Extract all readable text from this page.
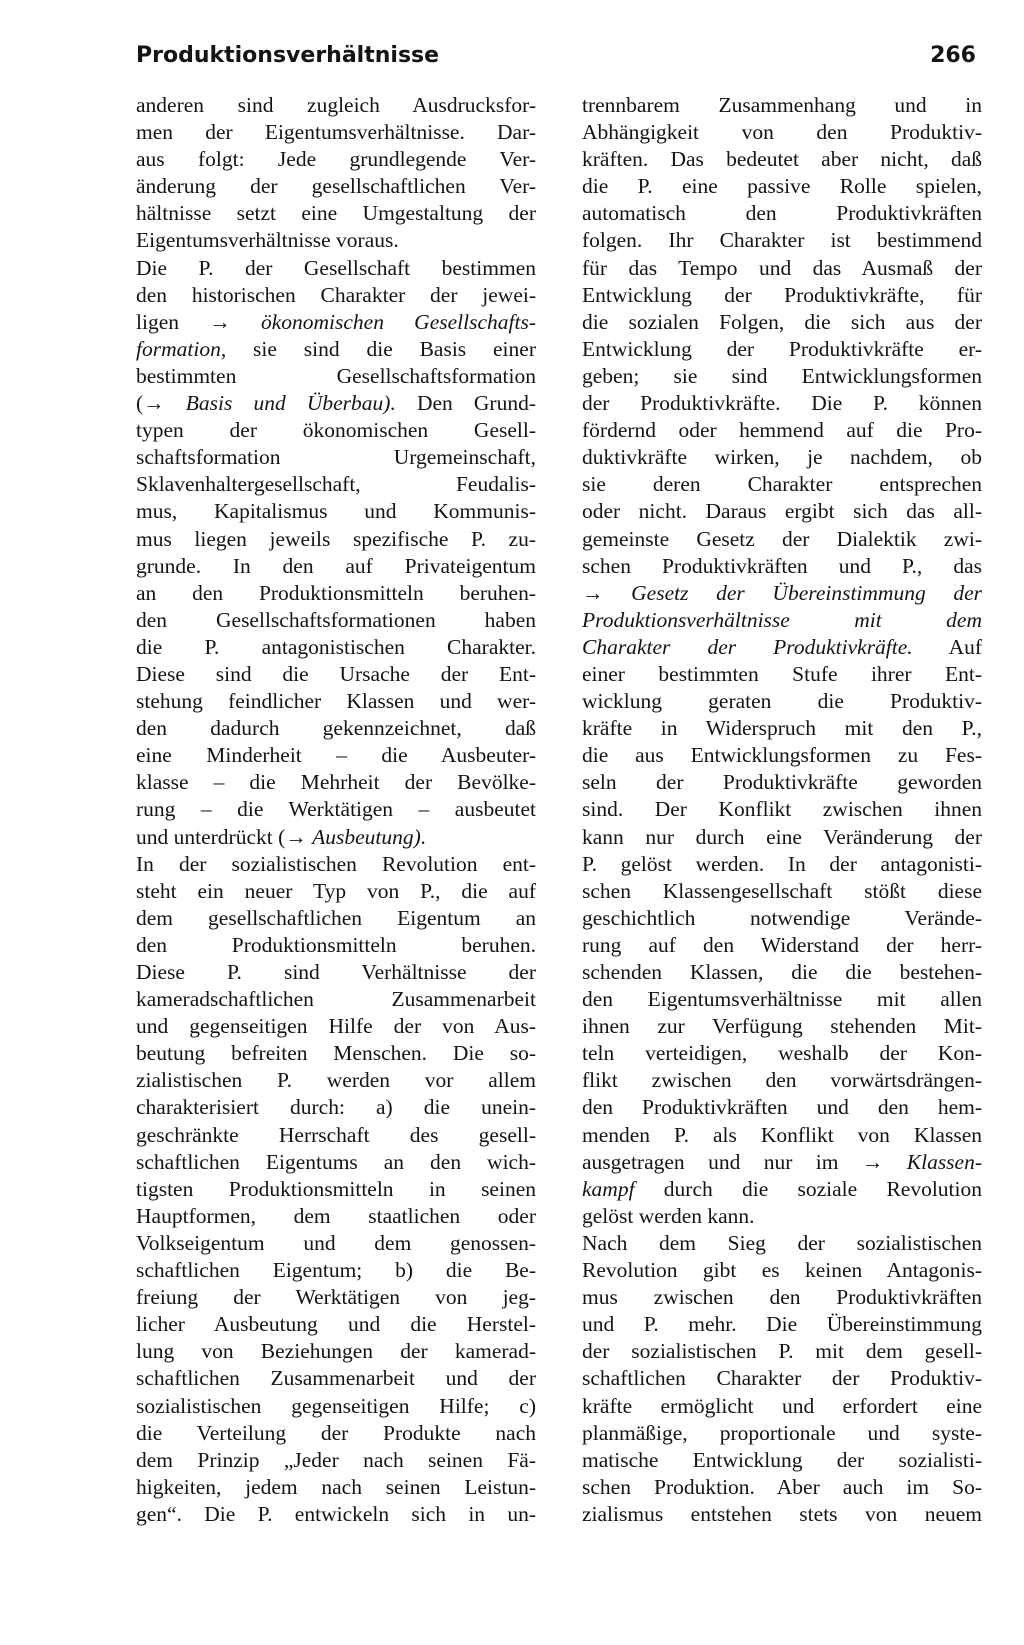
Produktionsverhältnisse	266
anderen sind zugleich Ausdrucksfor-
men der Eigentumsverhältnisse. Dar-
aus folgt: Jede grundlegende Ver-
änderung der gesellschaftlichen Ver-
hältnisse setzt eine Umgestaltung der
Eigentumsverhältnisse voraus.
Die P. der Gesellschaft bestimmen
den historischen Charakter der jewei-
ligen → ökonomischen Gesellschafts-
formation, sie sind die Basis einer
bestimmten Gesellschaftsformation
(→ Basis und Überbau). Den Grund-
typen der ökonomischen Gesell-
schaftsformation Urgemeinschaft,
Sklavenhaltergesellschaft, Feudalis-
mus, Kapitalismus und Kommunis-
mus liegen jeweils spezifische P. zu-
grunde. In den auf Privateigentum
an den Produktionsmitteln beruhen-
den Gesellschaftsformationen haben
die P. antagonistischen Charakter.
Diese sind die Ursache der Ent-
stehung feindlicher Klassen und wer-
den dadurch gekennzeichnet, daß
eine Minderheit – die Ausbeuter-
klasse – die Mehrheit der Bevölke-
rung – die Werktätigen – ausbeutet
und unterdrückt (→ Ausbeutung).
In der sozialistischen Revolution ent-
steht ein neuer Typ von P., die auf
dem gesellschaftlichen Eigentum an
den Produktionsmitteln beruhen.
Diese P. sind Verhältnisse der
kameradschaftlichen Zusammenarbeit
und gegenseitigen Hilfe der von Aus-
beutung befreiten Menschen. Die so-
zialistischen P. werden vor allem
charakterisiert durch: a) die unein-
geschränkte Herrschaft des gesell-
schaftlichen Eigentums an den wich-
tigsten Produktionsmitteln in seinen
Hauptformen, dem staatlichen oder
Volkseigentum und dem genossen-
schaftlichen Eigentum; b) die Be-
freiung der Werktätigen von jeg-
licher Ausbeutung und die Herstel-
lung von Beziehungen der kamerad-
schaftlichen Zusammenarbeit und der
sozialistischen gegenseitigen Hilfe; c)
die Verteilung der Produkte nach
dem Prinzip „Jeder nach seinen Fä-
higkeiten, jedem nach seinen Leistun-
gen“. Die P. entwickeln sich in un-
trennbarem Zusammenhang und in
Abhängigkeit von den Produktiv-
kräften. Das bedeutet aber nicht, daß
die P. eine passive Rolle spielen,
automatisch den Produktivkräften
folgen. Ihr Charakter ist bestimmend
für das Tempo und das Ausmaß der
Entwicklung der Produktivkräfte, für
die sozialen Folgen, die sich aus der
Entwicklung der Produktivkräfte er-
geben; sie sind Entwicklungsformen
der Produktivkräfte. Die P. können
fördernd oder hemmend auf die Pro-
duktivkräfte wirken, je nachdem, ob
sie deren Charakter entsprechen
oder nicht. Daraus ergibt sich das all-
gemeinste Gesetz der Dialektik zwi-
schen Produktivkräften und P., das
→ Gesetz der Übereinstimmung der
Produktionsverhältnisse mit dem
Charakter der Produktivkräfte. Auf
einer bestimmten Stufe ihrer Ent-
wicklung geraten die Produktiv-
kräfte in Widerspruch mit den P.,
die aus Entwicklungsformen zu Fes-
seln der Produktivkräfte geworden
sind. Der Konflikt zwischen ihnen
kann nur durch eine Veränderung der
P. gelöst werden. In der antagonisti-
schen Klassengesellschaft stößt diese
geschichtlich notwendige Verände-
rung auf den Widerstand der herr-
schenden Klassen, die die bestehen-
den Eigentumsverhältnisse mit allen
ihnen zur Verfügung stehenden Mit-
teln verteidigen, weshalb der Kon-
flikt zwischen den vorwärtsdrängen-
den Produktivkräften und den hem-
menden P. als Konflikt von Klassen
ausgetragen und nur im → Klassen-
kampf durch die soziale Revolution
gelöst werden kann.
Nach dem Sieg der sozialistischen
Revolution gibt es keinen Antagonis-
mus zwischen den Produktivkräften
und P. mehr. Die Übereinstimmung
der sozialistischen P. mit dem gesell-
schaftlichen Charakter der Produktiv-
kräfte ermöglicht und erfordert eine
planmäßige, proportionale und syste-
matische Entwicklung der sozialisti-
schen Produktion. Aber auch im So-
zialismus entstehen stets von neuem
